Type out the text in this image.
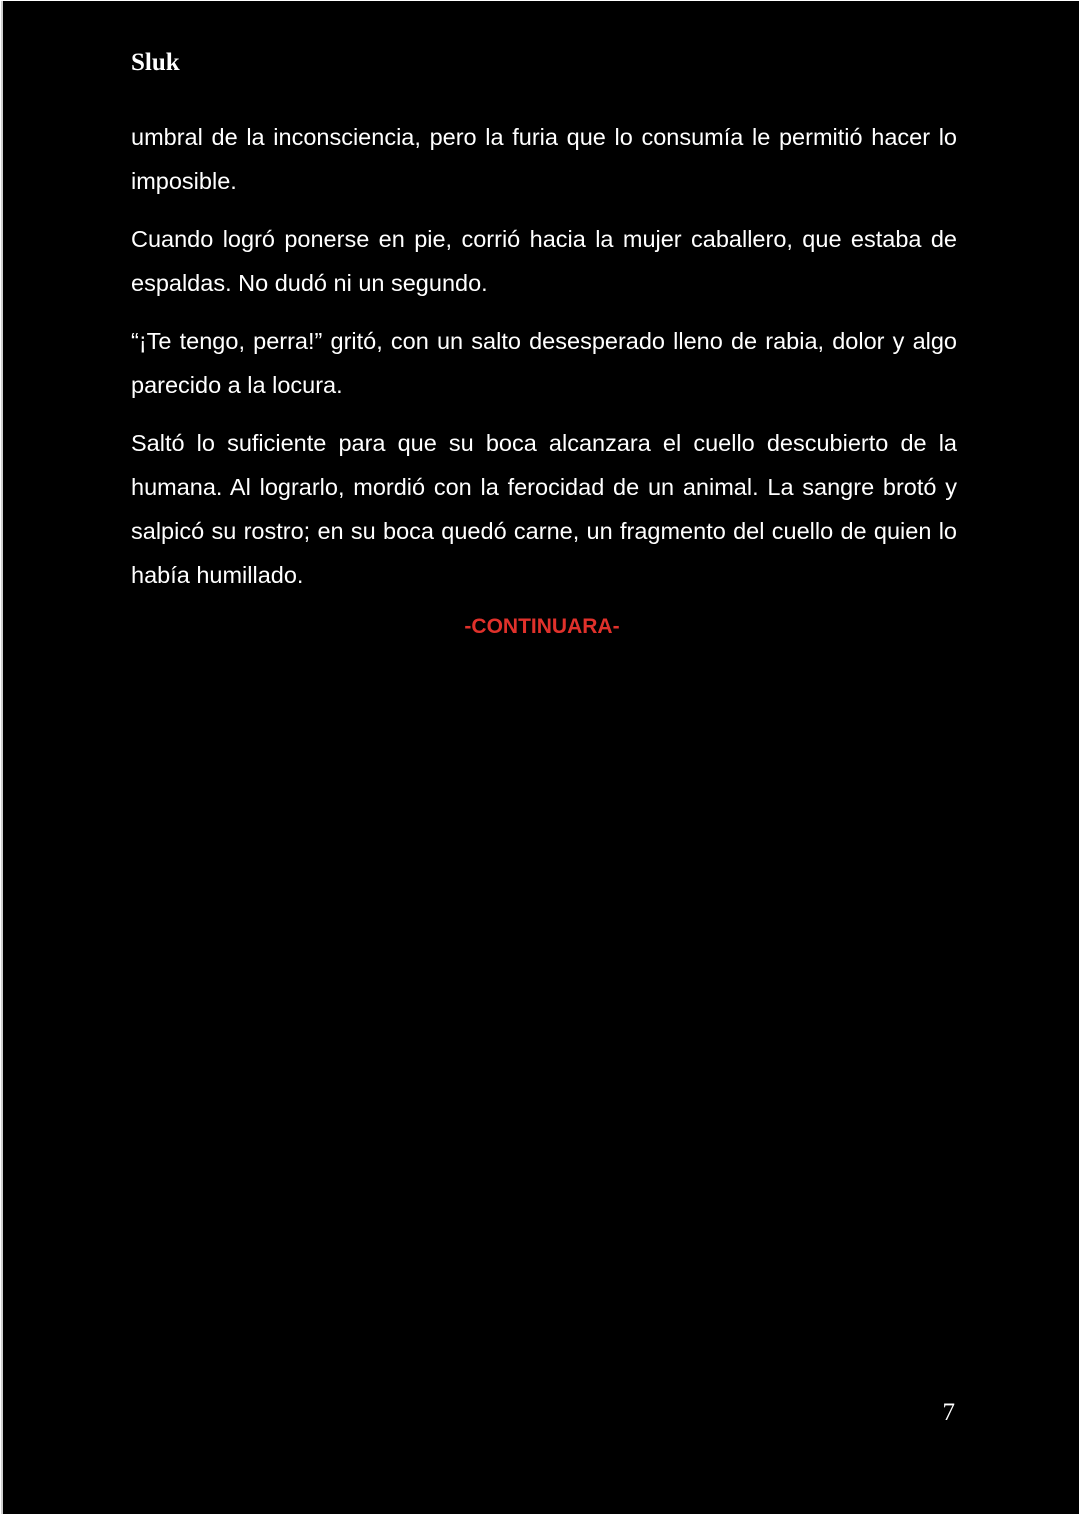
Sluk

umbral de la inconsciencia, pero la furia que lo consumía le permitió hacer lo imposible.

Cuando logró ponerse en pie, corrió hacia la mujer caballero, que estaba de espaldas. No dudó ni un segundo.

“¡Te tengo, perra!” gritó, con un salto desesperado lleno de rabia, dolor y algo parecido a la locura.

Saltó lo suficiente para que su boca alcanzara el cuello descubierto de la humana. Al lograrlo, mordió con la ferocidad de un animal. La sangre brotó y salpicó su rostro; en su boca quedó carne, un fragmento del cuello de quien lo había humillado.

-CONTINUARA-

7
